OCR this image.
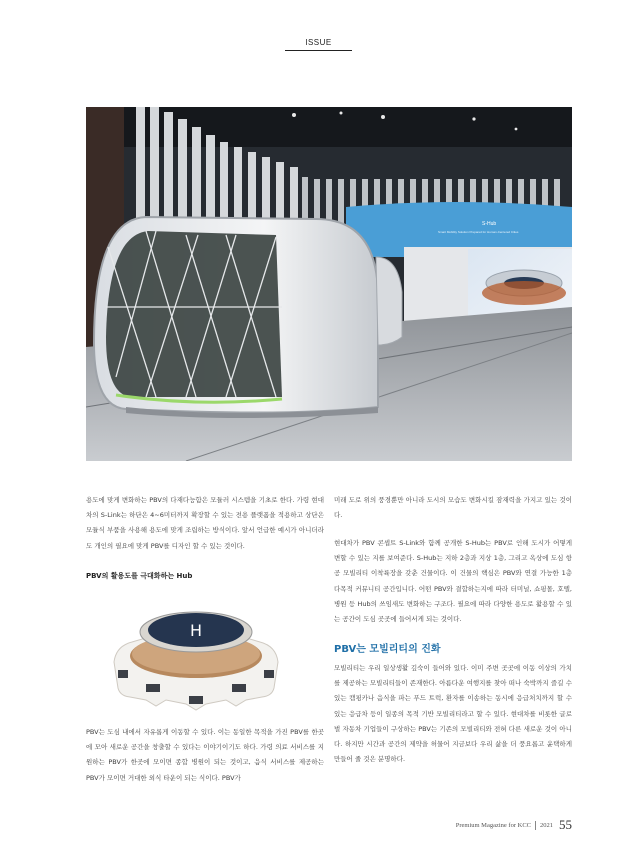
ISSUE
S-Hub
Smart Mobility Solution Prepared for Human-Centered Cities

용도에 맞게 변화하는 PBV의 다재다능함은 모듈러 시스템을 기초로 한다. 가령 현대차의 S-Link는 하단은 4~6미터까지 확장할 수 있는 전용 플랫폼을 적용하고 상단은 모듈식 부품을 사용해 용도에 맞게 조립하는 방식이다. 앞서 언급한 예시가 아니더라도 개인의 필요에 맞게 PBV를 디자인 할 수 있는 것이다.

PBV의 활용도를 극대화하는 Hub
H

PBV는 도심 내에서 자유롭게 이동할 수 있다. 이는 동일한 목적을 가진 PBV를 한곳에 모아 새로운 공간을 창출할 수 있다는 이야기이기도 하다. 가령 의료 서비스를 지원하는 PBV가 한곳에 모이면 종합 병원이 되는 것이고, 음식 서비스를 제공하는 PBV가 모이면 거대한 외식 타운이 되는 식이다. PBV가

미래 도로 위의 풍경뿐만 아니라 도시의 모습도 변화시킬 잠재력을 가지고 있는 것이다.

현대차가 PBV 콘셉트 S-Link와 함께 공개한 S-Hub는 PBV로 인해 도시가 어떻게 변할 수 있는 지를 보여준다. S-Hub는 지하 2층과 지상 1층, 그리고 옥상에 도심 항공 모빌리티 이착륙장을 갖춘 건물이다. 이 건물의 핵심은 PBV와 연결 가능한 1층 다목적 커뮤니티 공간입니다. 어떤 PBV와 결합하는지에 따라 터미널, 쇼핑몰, 호텔, 병원 등 Hub의 쓰임새도 변화하는 구조다. 필요에 따라 다양한 용도로 활용할 수 있는 공간이 도심 곳곳에 들어서게 되는 것이다.

PBV는 모빌리티의 진화

모빌리티는 우리 일상생활 깊숙이 들어와 있다. 이미 주변 곳곳에 이동 이상의 가치를 제공하는 모빌리티들이 존재한다. 아름다운 여행지를 찾아 떠나 숙박까지 즐길 수 있는 캠핑카나 음식을 파는 푸드 트럭, 환자를 이송하는 동시에 응급처치까지 할 수 있는 응급차 등이 일종의 목적 기반 모빌리티라고 할 수 있다. 현대차를 비롯한 글로벌 자동차 기업들이 구상하는 PBV는 기존의 모빌리티와 전혀 다른 새로운 것이 아니다. 하지만 시간과 공간의 제약을 허물어 지금보다 우리 삶을 더 풍요롭고 윤택하게 만들어 줄 것은 분명하다.

Premium Magazine for KCC 2021 55
